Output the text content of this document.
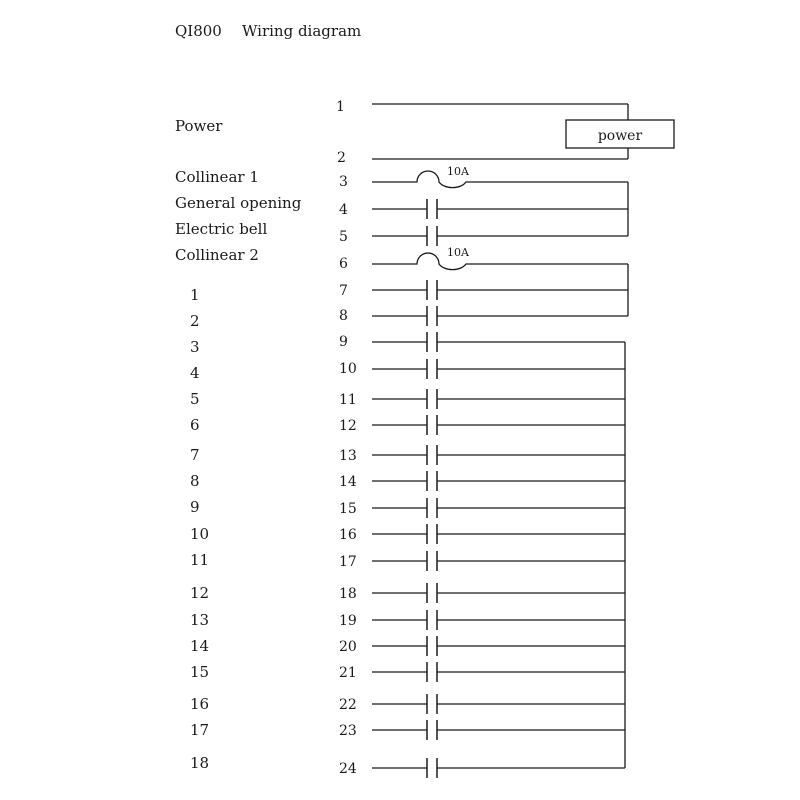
QI800 Wiring diagram
Power
Collinear 1
General opening
Electric bell
Collinear 2
1
2
3
4
5
6
7
8
9
10
11
12
13
14
15
16
17
18
1
2
3
4
5
6
7
8
9
10
11
12
13
14
15
16
17
18
19
20
21
22
23
24
power
10A
10A
